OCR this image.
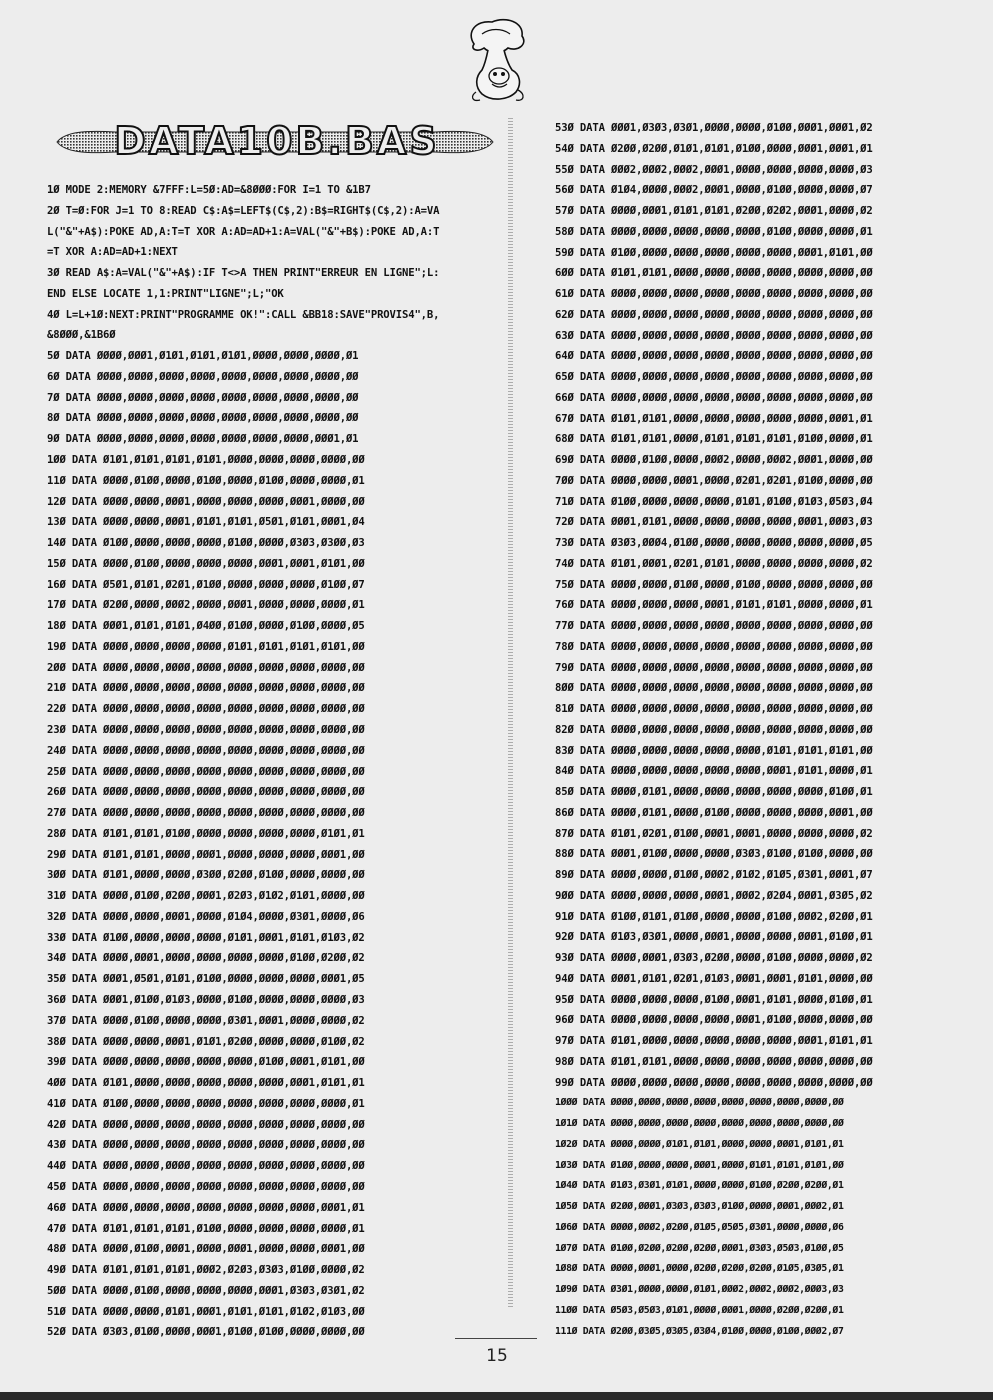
DATA10B.BAS
1Ø MODE 2:MEMORY &7FFF:L=5Ø:AD=&8ØØØ:FOR I=1 TO &1B7
2Ø T=Ø:FOR J=1 TO 8:READ C$:A$=LEFT$(C$,2):B$=RIGHT$(C$,2):A=VA
L("&"+A$):POKE AD,A:T=T XOR A:AD=AD+1:A=VAL("&"+B$):POKE AD,A:T
=T XOR A:AD=AD+1:NEXT
3Ø READ A$:A=VAL("&"+A$):IF T<>A THEN PRINT"ERREUR EN LIGNE";L:
END ELSE LOCATE 1,1:PRINT"LIGNE";L;"OK
4Ø L=L+1Ø:NEXT:PRINT"PROGRAMME OK!":CALL &BB18:SAVE"PROVIS4",B,
&8ØØØ,&1B6Ø
5Ø DATA ØØØØ,ØØØ1,Ø1Ø1,Ø1Ø1,Ø1Ø1,ØØØØ,ØØØØ,ØØØØ,Ø1
6Ø DATA ØØØØ,ØØØØ,ØØØØ,ØØØØ,ØØØØ,ØØØØ,ØØØØ,ØØØØ,ØØ
7Ø DATA ØØØØ,ØØØØ,ØØØØ,ØØØØ,ØØØØ,ØØØØ,ØØØØ,ØØØØ,ØØ
8Ø DATA ØØØØ,ØØØØ,ØØØØ,ØØØØ,ØØØØ,ØØØØ,ØØØØ,ØØØØ,ØØ
9Ø DATA ØØØØ,ØØØØ,ØØØØ,ØØØØ,ØØØØ,ØØØØ,ØØØØ,ØØØ1,Ø1
1ØØ DATA Ø1Ø1,Ø1Ø1,Ø1Ø1,Ø1Ø1,ØØØØ,ØØØØ,ØØØØ,ØØØØ,ØØ
11Ø DATA ØØØØ,Ø1ØØ,ØØØØ,Ø1ØØ,ØØØØ,Ø1ØØ,ØØØØ,ØØØØ,Ø1
12Ø DATA ØØØØ,ØØØØ,ØØØ1,ØØØØ,ØØØØ,ØØØØ,ØØØ1,ØØØØ,ØØ
13Ø DATA ØØØØ,ØØØØ,ØØØ1,Ø1Ø1,Ø1Ø1,Ø5Ø1,Ø1Ø1,ØØØ1,Ø4
14Ø DATA Ø1ØØ,ØØØØ,ØØØØ,ØØØØ,Ø1ØØ,ØØØØ,Ø3Ø3,Ø3ØØ,Ø3
15Ø DATA ØØØØ,Ø1ØØ,ØØØØ,ØØØØ,ØØØØ,ØØØ1,ØØØ1,Ø1Ø1,ØØ
16Ø DATA Ø5Ø1,Ø1Ø1,Ø2Ø1,Ø1ØØ,ØØØØ,ØØØØ,ØØØØ,Ø1ØØ,Ø7
17Ø DATA Ø2ØØ,ØØØØ,ØØØ2,ØØØØ,ØØØ1,ØØØØ,ØØØØ,ØØØØ,Ø1
18Ø DATA ØØØ1,Ø1Ø1,Ø1Ø1,Ø4ØØ,Ø1ØØ,ØØØØ,Ø1ØØ,ØØØØ,Ø5
19Ø DATA ØØØØ,ØØØØ,ØØØØ,ØØØØ,Ø1Ø1,Ø1Ø1,Ø1Ø1,Ø1Ø1,ØØ
2ØØ DATA ØØØØ,ØØØØ,ØØØØ,ØØØØ,ØØØØ,ØØØØ,ØØØØ,ØØØØ,ØØ
21Ø DATA ØØØØ,ØØØØ,ØØØØ,ØØØØ,ØØØØ,ØØØØ,ØØØØ,ØØØØ,ØØ
22Ø DATA ØØØØ,ØØØØ,ØØØØ,ØØØØ,ØØØØ,ØØØØ,ØØØØ,ØØØØ,ØØ
23Ø DATA ØØØØ,ØØØØ,ØØØØ,ØØØØ,ØØØØ,ØØØØ,ØØØØ,ØØØØ,ØØ
24Ø DATA ØØØØ,ØØØØ,ØØØØ,ØØØØ,ØØØØ,ØØØØ,ØØØØ,ØØØØ,ØØ
25Ø DATA ØØØØ,ØØØØ,ØØØØ,ØØØØ,ØØØØ,ØØØØ,ØØØØ,ØØØØ,ØØ
26Ø DATA ØØØØ,ØØØØ,ØØØØ,ØØØØ,ØØØØ,ØØØØ,ØØØØ,ØØØØ,ØØ
27Ø DATA ØØØØ,ØØØØ,ØØØØ,ØØØØ,ØØØØ,ØØØØ,ØØØØ,ØØØØ,ØØ
28Ø DATA Ø1Ø1,Ø1Ø1,Ø1ØØ,ØØØØ,ØØØØ,ØØØØ,ØØØØ,Ø1Ø1,Ø1
29Ø DATA Ø1Ø1,Ø1Ø1,ØØØØ,ØØØ1,ØØØØ,ØØØØ,ØØØØ,ØØØ1,ØØ
3ØØ DATA Ø1Ø1,ØØØØ,ØØØØ,Ø3ØØ,Ø2ØØ,Ø1ØØ,ØØØØ,ØØØØ,ØØ
31Ø DATA ØØØØ,Ø1ØØ,Ø2ØØ,ØØØ1,Ø2Ø3,Ø1Ø2,Ø1Ø1,ØØØØ,ØØ
32Ø DATA ØØØØ,ØØØØ,ØØØ1,ØØØØ,Ø1Ø4,ØØØØ,Ø3Ø1,ØØØØ,Ø6
33Ø DATA Ø1ØØ,ØØØØ,ØØØØ,ØØØØ,Ø1Ø1,ØØØ1,Ø1Ø1,Ø1Ø3,Ø2
34Ø DATA ØØØØ,ØØØ1,ØØØØ,ØØØØ,ØØØØ,ØØØØ,Ø1ØØ,Ø2ØØ,Ø2
35Ø DATA ØØØ1,Ø5Ø1,Ø1Ø1,Ø1ØØ,ØØØØ,ØØØØ,ØØØØ,ØØØ1,Ø5
36Ø DATA ØØØ1,Ø1ØØ,Ø1Ø3,ØØØØ,Ø1ØØ,ØØØØ,ØØØØ,ØØØØ,Ø3
37Ø DATA ØØØØ,Ø1ØØ,ØØØØ,ØØØØ,Ø3Ø1,ØØØ1,ØØØØ,ØØØØ,Ø2
38Ø DATA ØØØØ,ØØØØ,ØØØ1,Ø1Ø1,Ø2ØØ,ØØØØ,ØØØØ,Ø1ØØ,Ø2
39Ø DATA ØØØØ,ØØØØ,ØØØØ,ØØØØ,ØØØØ,Ø1ØØ,ØØØ1,Ø1Ø1,ØØ
4ØØ DATA Ø1Ø1,ØØØØ,ØØØØ,ØØØØ,ØØØØ,ØØØØ,ØØØ1,Ø1Ø1,Ø1
41Ø DATA Ø1ØØ,ØØØØ,ØØØØ,ØØØØ,ØØØØ,ØØØØ,ØØØØ,ØØØØ,Ø1
42Ø DATA ØØØØ,ØØØØ,ØØØØ,ØØØØ,ØØØØ,ØØØØ,ØØØØ,ØØØØ,ØØ
43Ø DATA ØØØØ,ØØØØ,ØØØØ,ØØØØ,ØØØØ,ØØØØ,ØØØØ,ØØØØ,ØØ
44Ø DATA ØØØØ,ØØØØ,ØØØØ,ØØØØ,ØØØØ,ØØØØ,ØØØØ,ØØØØ,ØØ
45Ø DATA ØØØØ,ØØØØ,ØØØØ,ØØØØ,ØØØØ,ØØØØ,ØØØØ,ØØØØ,ØØ
46Ø DATA ØØØØ,ØØØØ,ØØØØ,ØØØØ,ØØØØ,ØØØØ,ØØØØ,ØØØ1,Ø1
47Ø DATA Ø1Ø1,Ø1Ø1,Ø1Ø1,Ø1ØØ,ØØØØ,ØØØØ,ØØØØ,ØØØØ,Ø1
48Ø DATA ØØØØ,Ø1ØØ,ØØØ1,ØØØØ,ØØØ1,ØØØØ,ØØØØ,ØØØ1,ØØ
49Ø DATA Ø1Ø1,Ø1Ø1,Ø1Ø1,ØØØ2,Ø2Ø3,Ø3Ø3,Ø1ØØ,ØØØØ,Ø2
5ØØ DATA ØØØØ,Ø1ØØ,ØØØØ,ØØØØ,ØØØØ,ØØØ1,Ø3Ø3,Ø3Ø1,Ø2
51Ø DATA ØØØØ,ØØØØ,Ø1Ø1,ØØØ1,Ø1Ø1,Ø1Ø1,Ø1Ø2,Ø1Ø3,ØØ
52Ø DATA Ø3Ø3,Ø1ØØ,ØØØØ,ØØØ1,Ø1ØØ,Ø1ØØ,ØØØØ,ØØØØ,ØØ
53Ø DATA ØØØ1,Ø3Ø3,Ø3Ø1,ØØØØ,ØØØØ,Ø1ØØ,ØØØ1,ØØØ1,Ø2
54Ø DATA Ø2ØØ,Ø2ØØ,Ø1Ø1,Ø1Ø1,Ø1ØØ,ØØØØ,ØØØ1,ØØØ1,Ø1
55Ø DATA ØØØ2,ØØØ2,ØØØ2,ØØØ1,ØØØØ,ØØØØ,ØØØØ,ØØØØ,Ø3
56Ø DATA Ø1Ø4,ØØØØ,ØØØ2,ØØØ1,ØØØØ,Ø1ØØ,ØØØØ,ØØØØ,Ø7
57Ø DATA ØØØØ,ØØØ1,Ø1Ø1,Ø1Ø1,Ø2ØØ,Ø2Ø2,ØØØ1,ØØØØ,Ø2
58Ø DATA ØØØØ,ØØØØ,ØØØØ,ØØØØ,ØØØØ,Ø1ØØ,ØØØØ,ØØØØ,Ø1
59Ø DATA Ø1ØØ,ØØØØ,ØØØØ,ØØØØ,ØØØØ,ØØØØ,ØØØ1,Ø1Ø1,ØØ
6ØØ DATA Ø1Ø1,Ø1Ø1,ØØØØ,ØØØØ,ØØØØ,ØØØØ,ØØØØ,ØØØØ,ØØ
61Ø DATA ØØØØ,ØØØØ,ØØØØ,ØØØØ,ØØØØ,ØØØØ,ØØØØ,ØØØØ,ØØ
62Ø DATA ØØØØ,ØØØØ,ØØØØ,ØØØØ,ØØØØ,ØØØØ,ØØØØ,ØØØØ,ØØ
63Ø DATA ØØØØ,ØØØØ,ØØØØ,ØØØØ,ØØØØ,ØØØØ,ØØØØ,ØØØØ,ØØ
64Ø DATA ØØØØ,ØØØØ,ØØØØ,ØØØØ,ØØØØ,ØØØØ,ØØØØ,ØØØØ,ØØ
65Ø DATA ØØØØ,ØØØØ,ØØØØ,ØØØØ,ØØØØ,ØØØØ,ØØØØ,ØØØØ,ØØ
66Ø DATA ØØØØ,ØØØØ,ØØØØ,ØØØØ,ØØØØ,ØØØØ,ØØØØ,ØØØØ,ØØ
67Ø DATA Ø1Ø1,Ø1Ø1,ØØØØ,ØØØØ,ØØØØ,ØØØØ,ØØØØ,ØØØ1,Ø1
68Ø DATA Ø1Ø1,Ø1Ø1,ØØØØ,Ø1Ø1,Ø1Ø1,Ø1Ø1,Ø1ØØ,ØØØØ,Ø1
69Ø DATA ØØØØ,Ø1ØØ,ØØØØ,ØØØ2,ØØØØ,ØØØ2,ØØØ1,ØØØØ,ØØ
7ØØ DATA ØØØØ,ØØØØ,ØØØ1,ØØØØ,Ø2Ø1,Ø2Ø1,Ø1ØØ,ØØØØ,ØØ
71Ø DATA Ø1ØØ,ØØØØ,ØØØØ,ØØØØ,Ø1Ø1,Ø1ØØ,Ø1Ø3,Ø5Ø3,Ø4
72Ø DATA ØØØ1,Ø1Ø1,ØØØØ,ØØØØ,ØØØØ,ØØØØ,ØØØ1,ØØØ3,Ø3
73Ø DATA Ø3Ø3,ØØØ4,Ø1ØØ,ØØØØ,ØØØØ,ØØØØ,ØØØØ,ØØØØ,Ø5
74Ø DATA Ø1Ø1,ØØØ1,Ø2Ø1,Ø1Ø1,ØØØØ,ØØØØ,ØØØØ,ØØØØ,Ø2
75Ø DATA ØØØØ,ØØØØ,Ø1ØØ,ØØØØ,Ø1ØØ,ØØØØ,ØØØØ,ØØØØ,ØØ
76Ø DATA ØØØØ,ØØØØ,ØØØØ,ØØØ1,Ø1Ø1,Ø1Ø1,ØØØØ,ØØØØ,Ø1
77Ø DATA ØØØØ,ØØØØ,ØØØØ,ØØØØ,ØØØØ,ØØØØ,ØØØØ,ØØØØ,ØØ
78Ø DATA ØØØØ,ØØØØ,ØØØØ,ØØØØ,ØØØØ,ØØØØ,ØØØØ,ØØØØ,ØØ
79Ø DATA ØØØØ,ØØØØ,ØØØØ,ØØØØ,ØØØØ,ØØØØ,ØØØØ,ØØØØ,ØØ
8ØØ DATA ØØØØ,ØØØØ,ØØØØ,ØØØØ,ØØØØ,ØØØØ,ØØØØ,ØØØØ,ØØ
81Ø DATA ØØØØ,ØØØØ,ØØØØ,ØØØØ,ØØØØ,ØØØØ,ØØØØ,ØØØØ,ØØ
82Ø DATA ØØØØ,ØØØØ,ØØØØ,ØØØØ,ØØØØ,ØØØØ,ØØØØ,ØØØØ,ØØ
83Ø DATA ØØØØ,ØØØØ,ØØØØ,ØØØØ,ØØØØ,Ø1Ø1,Ø1Ø1,Ø1Ø1,ØØ
84Ø DATA ØØØØ,ØØØØ,ØØØØ,ØØØØ,ØØØØ,ØØØ1,Ø1Ø1,ØØØØ,Ø1
85Ø DATA ØØØØ,Ø1Ø1,ØØØØ,ØØØØ,ØØØØ,ØØØØ,ØØØØ,Ø1ØØ,Ø1
86Ø DATA ØØØØ,Ø1Ø1,ØØØØ,Ø1ØØ,ØØØØ,ØØØØ,ØØØØ,ØØØ1,ØØ
87Ø DATA Ø1Ø1,Ø2Ø1,Ø1ØØ,ØØØ1,ØØØ1,ØØØØ,ØØØØ,ØØØØ,Ø2
88Ø DATA ØØØ1,Ø1ØØ,ØØØØ,ØØØØ,Ø3Ø3,Ø1ØØ,Ø1ØØ,ØØØØ,ØØ
89Ø DATA ØØØØ,ØØØØ,Ø1ØØ,ØØØ2,Ø1Ø2,Ø1Ø5,Ø3Ø1,ØØØ1,Ø7
9ØØ DATA ØØØØ,ØØØØ,ØØØØ,ØØØ1,ØØØ2,Ø2Ø4,ØØØ1,Ø3Ø5,Ø2
91Ø DATA Ø1ØØ,Ø1Ø1,Ø1ØØ,ØØØØ,ØØØØ,Ø1ØØ,ØØØ2,Ø2ØØ,Ø1
92Ø DATA Ø1Ø3,Ø3Ø1,ØØØØ,ØØØ1,ØØØØ,ØØØØ,ØØØ1,Ø1ØØ,Ø1
93Ø DATA ØØØØ,ØØØ1,Ø3Ø3,Ø2ØØ,ØØØØ,Ø1ØØ,ØØØØ,ØØØØ,Ø2
94Ø DATA ØØØ1,Ø1Ø1,Ø2Ø1,Ø1Ø3,ØØØ1,ØØØ1,Ø1Ø1,ØØØØ,ØØ
95Ø DATA ØØØØ,ØØØØ,ØØØØ,Ø1ØØ,ØØØ1,Ø1Ø1,ØØØØ,Ø1ØØ,Ø1
96Ø DATA ØØØØ,ØØØØ,ØØØØ,ØØØØ,ØØØ1,Ø1ØØ,ØØØØ,ØØØØ,ØØ
97Ø DATA Ø1Ø1,ØØØØ,ØØØØ,ØØØØ,ØØØØ,ØØØØ,ØØØ1,Ø1Ø1,Ø1
98Ø DATA Ø1Ø1,Ø1Ø1,ØØØØ,ØØØØ,ØØØØ,ØØØØ,ØØØØ,ØØØØ,ØØ
99Ø DATA ØØØØ,ØØØØ,ØØØØ,ØØØØ,ØØØØ,ØØØØ,ØØØØ,ØØØØ,ØØ
1ØØØ DATA ØØØØ,ØØØØ,ØØØØ,ØØØØ,ØØØØ,ØØØØ,ØØØØ,ØØØØ,ØØ
1Ø1Ø DATA ØØØØ,ØØØØ,ØØØØ,ØØØØ,ØØØØ,ØØØØ,ØØØØ,ØØØØ,ØØ
1Ø2Ø DATA ØØØØ,ØØØØ,Ø1Ø1,Ø1Ø1,ØØØØ,ØØØØ,ØØØ1,Ø1Ø1,Ø1
1Ø3Ø DATA Ø1ØØ,ØØØØ,ØØØØ,ØØØ1,ØØØØ,Ø1Ø1,Ø1Ø1,Ø1Ø1,ØØ
1Ø4Ø DATA Ø1Ø3,Ø3Ø1,Ø1Ø1,ØØØØ,ØØØØ,Ø1ØØ,Ø2ØØ,Ø2ØØ,Ø1
1Ø5Ø DATA Ø2ØØ,ØØØ1,Ø3Ø3,Ø3Ø3,Ø1ØØ,ØØØØ,ØØØ1,ØØØ2,Ø1
1Ø6Ø DATA ØØØØ,ØØØ2,Ø2ØØ,Ø1Ø5,Ø5Ø5,Ø3Ø1,ØØØØ,ØØØØ,Ø6
1Ø7Ø DATA Ø1ØØ,Ø2ØØ,Ø2ØØ,Ø2ØØ,ØØØ1,Ø3Ø3,Ø5Ø3,Ø1ØØ,Ø5
1Ø8Ø DATA ØØØØ,ØØØ1,ØØØØ,Ø2ØØ,Ø2ØØ,Ø2ØØ,Ø1Ø5,Ø3Ø5,Ø1
1Ø9Ø DATA Ø3Ø1,ØØØØ,ØØØØ,Ø1Ø1,ØØØ2,ØØØ2,ØØØ2,ØØØ3,Ø3
11ØØ DATA Ø5Ø3,Ø5Ø3,Ø1Ø1,ØØØØ,ØØØ1,ØØØØ,Ø2ØØ,Ø2ØØ,Ø1
111Ø DATA Ø2ØØ,Ø3Ø5,Ø3Ø5,Ø3Ø4,Ø1ØØ,ØØØØ,Ø1ØØ,ØØØ2,Ø7
15
